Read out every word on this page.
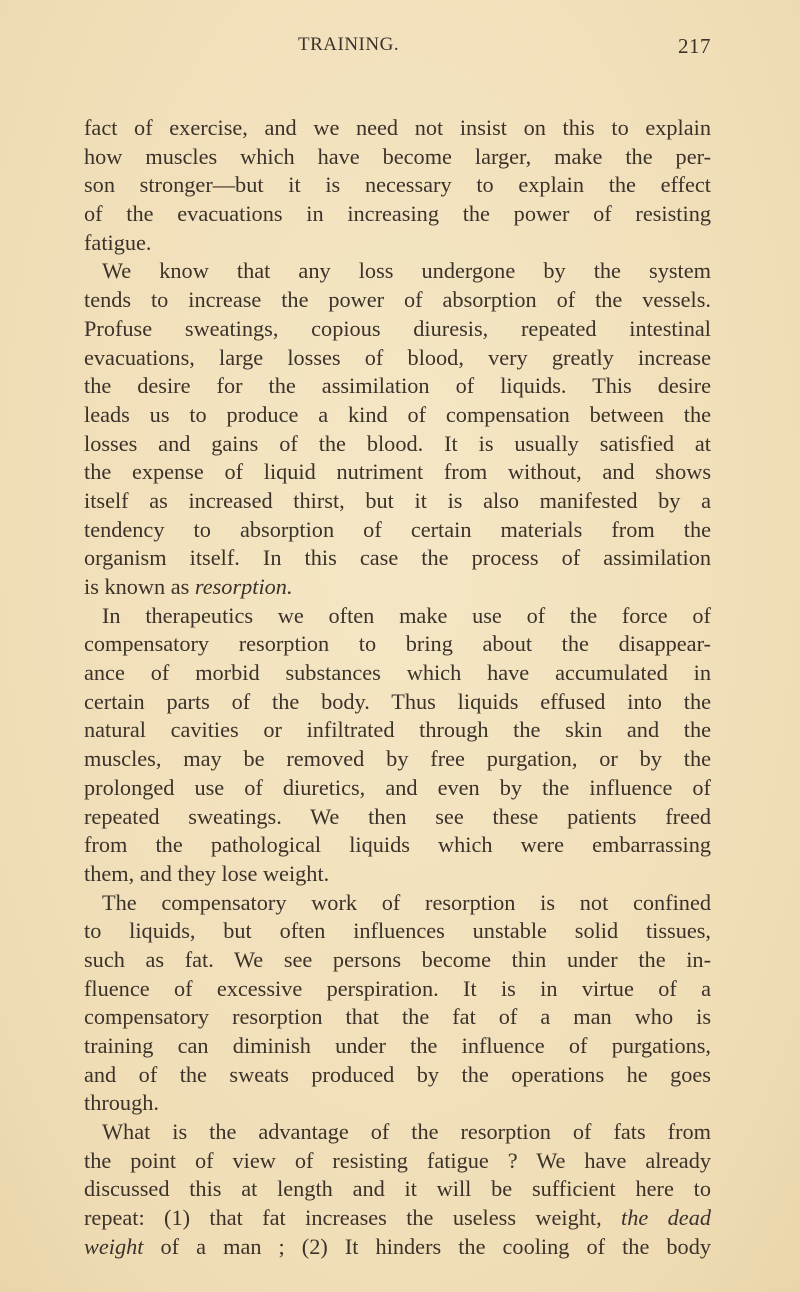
TRAINING.	217
fact of exercise, and we need not insist on this to explain
how muscles which have become larger, make the per-
son stronger—but it is necessary to explain the effect
of the evacuations in increasing the power of resisting
fatigue.
We know that any loss undergone by the system
tends to increase the power of absorption of the vessels.
Profuse sweatings, copious diuresis, repeated intestinal
evacuations, large losses of blood, very greatly increase
the desire for the assimilation of liquids. This desire
leads us to produce a kind of compensation between the
losses and gains of the blood. It is usually satisfied at
the expense of liquid nutriment from without, and shows
itself as increased thirst, but it is also manifested by a
tendency to absorption of certain materials from the
organism itself. In this case the process of assimilation
is known as resorption.
In therapeutics we often make use of the force of
compensatory resorption to bring about the disappear-
ance of morbid substances which have accumulated in
certain parts of the body. Thus liquids effused into the
natural cavities or infiltrated through the skin and the
muscles, may be removed by free purgation, or by the
prolonged use of diuretics, and even by the influence of
repeated sweatings. We then see these patients freed
from the pathological liquids which were embarrassing
them, and they lose weight.
The compensatory work of resorption is not confined
to liquids, but often influences unstable solid tissues,
such as fat. We see persons become thin under the in-
fluence of excessive perspiration. It is in virtue of a
compensatory resorption that the fat of a man who is
training can diminish under the influence of purgations,
and of the sweats produced by the operations he goes
through.
What is the advantage of the resorption of fats from
the point of view of resisting fatigue ? We have already
discussed this at length and it will be sufficient here to
repeat: (1) that fat increases the useless weight, the dead
weight of a man ; (2) It hinders the cooling of the body
